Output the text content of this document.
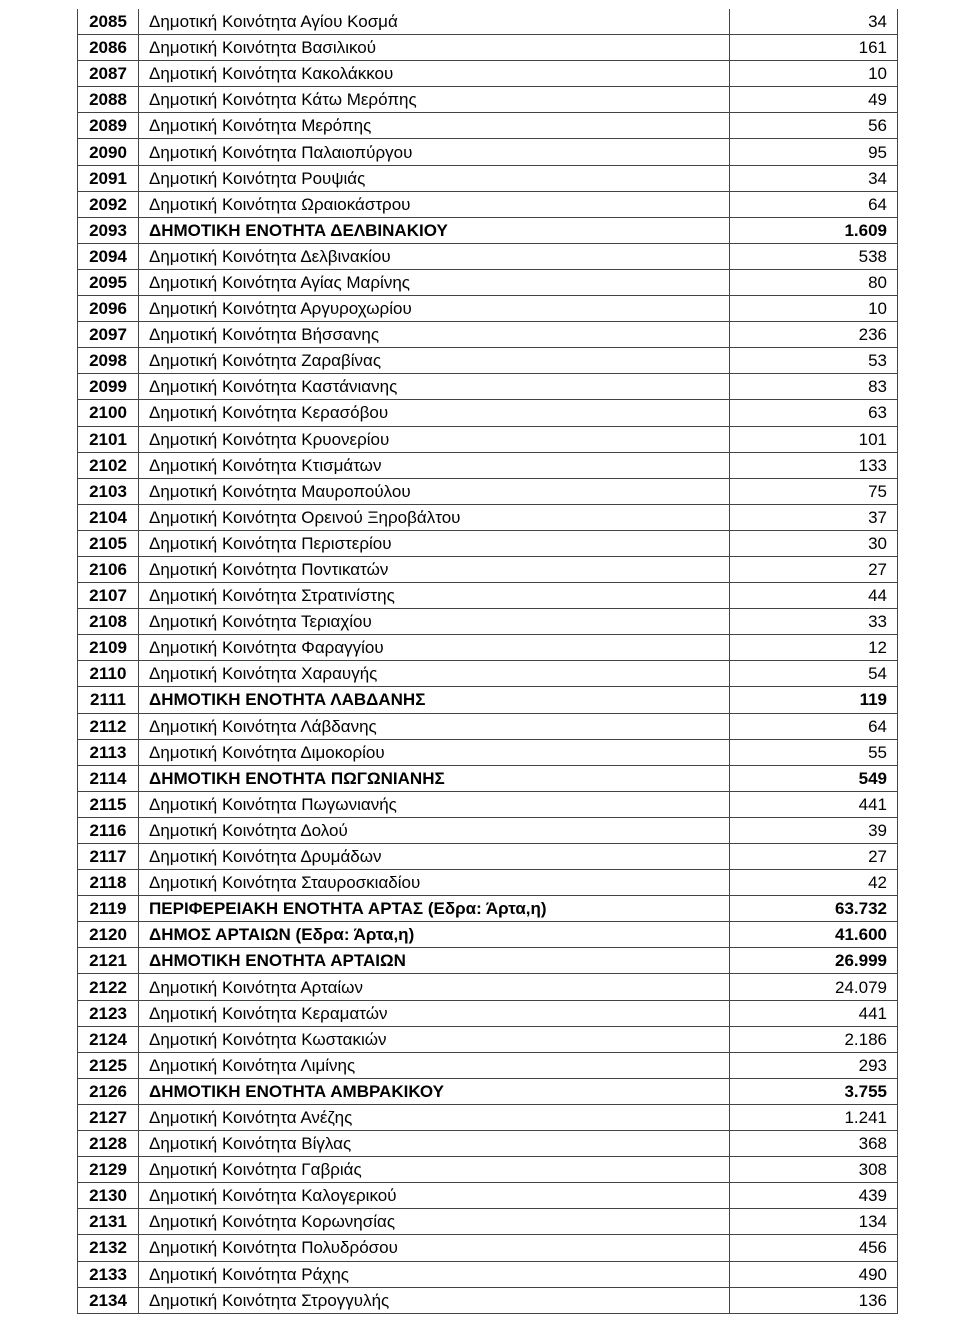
2085	Δημοτική Κοινότητα Αγίου Κοσμά	34
2086	Δημοτική Κοινότητα Βασιλικού	161
2087	Δημοτική Κοινότητα Κακολάκκου	10
2088	Δημοτική Κοινότητα Κάτω Μερόπης	49
2089	Δημοτική Κοινότητα Μερόπης	56
2090	Δημοτική Κοινότητα Παλαιοπύργου	95
2091	Δημοτική Κοινότητα Ρουψιάς	34
2092	Δημοτική Κοινότητα Ωραιοκάστρου	64
2093	ΔΗΜΟΤΙΚΗ ΕΝΟΤΗΤΑ ΔΕΛΒΙΝΑΚΙΟΥ	1.609
2094	Δημοτική Κοινότητα Δελβινακίου	538
2095	Δημοτική Κοινότητα Αγίας Μαρίνης	80
2096	Δημοτική Κοινότητα Αργυροχωρίου	10
2097	Δημοτική Κοινότητα Βήσσανης	236
2098	Δημοτική Κοινότητα Ζαραβίνας	53
2099	Δημοτική Κοινότητα Καστάνιανης	83
2100	Δημοτική Κοινότητα Κερασόβου	63
2101	Δημοτική Κοινότητα Κρυονερίου	101
2102	Δημοτική Κοινότητα Κτισμάτων	133
2103	Δημοτική Κοινότητα Μαυροπούλου	75
2104	Δημοτική Κοινότητα Ορεινού Ξηροβάλτου	37
2105	Δημοτική Κοινότητα Περιστερίου	30
2106	Δημοτική Κοινότητα Ποντικατών	27
2107	Δημοτική Κοινότητα Στρατινίστης	44
2108	Δημοτική Κοινότητα Τεριαχίου	33
2109	Δημοτική Κοινότητα Φαραγγίου	12
2110	Δημοτική Κοινότητα Χαραυγής	54
2111	ΔΗΜΟΤΙΚΗ ΕΝΟΤΗΤΑ ΛΑΒΔΑΝΗΣ	119
2112	Δημοτική Κοινότητα Λάβδανης	64
2113	Δημοτική Κοινότητα Διμοκορίου	55
2114	ΔΗΜΟΤΙΚΗ ΕΝΟΤΗΤΑ ΠΩΓΩΝΙΑΝΗΣ	549
2115	Δημοτική Κοινότητα Πωγωνιανής	441
2116	Δημοτική Κοινότητα Δολού	39
2117	Δημοτική Κοινότητα Δρυμάδων	27
2118	Δημοτική Κοινότητα Σταυροσκιαδίου	42
2119	ΠΕΡΙΦΕΡΕΙΑΚΗ ΕΝΟΤΗΤΑ ΑΡΤΑΣ (Εδρα: Άρτα,η)	63.732
2120	ΔΗΜΟΣ ΑΡΤΑΙΩΝ (Εδρα: Άρτα,η)	41.600
2121	ΔΗΜΟΤΙΚΗ ΕΝΟΤΗΤΑ ΑΡΤΑΙΩΝ	26.999
2122	Δημοτική Κοινότητα Αρταίων	24.079
2123	Δημοτική Κοινότητα Κεραματών	441
2124	Δημοτική Κοινότητα Κωστακιών	2.186
2125	Δημοτική Κοινότητα Λιμίνης	293
2126	ΔΗΜΟΤΙΚΗ ΕΝΟΤΗΤΑ ΑΜΒΡΑΚΙΚΟΥ	3.755
2127	Δημοτική Κοινότητα Ανέζης	1.241
2128	Δημοτική Κοινότητα Βίγλας	368
2129	Δημοτική Κοινότητα Γαβριάς	308
2130	Δημοτική Κοινότητα Καλογερικού	439
2131	Δημοτική Κοινότητα Κορωνησίας	134
2132	Δημοτική Κοινότητα Πολυδρόσου	456
2133	Δημοτική Κοινότητα Ράχης	490
2134	Δημοτική Κοινότητα Στρογγυλής	136
